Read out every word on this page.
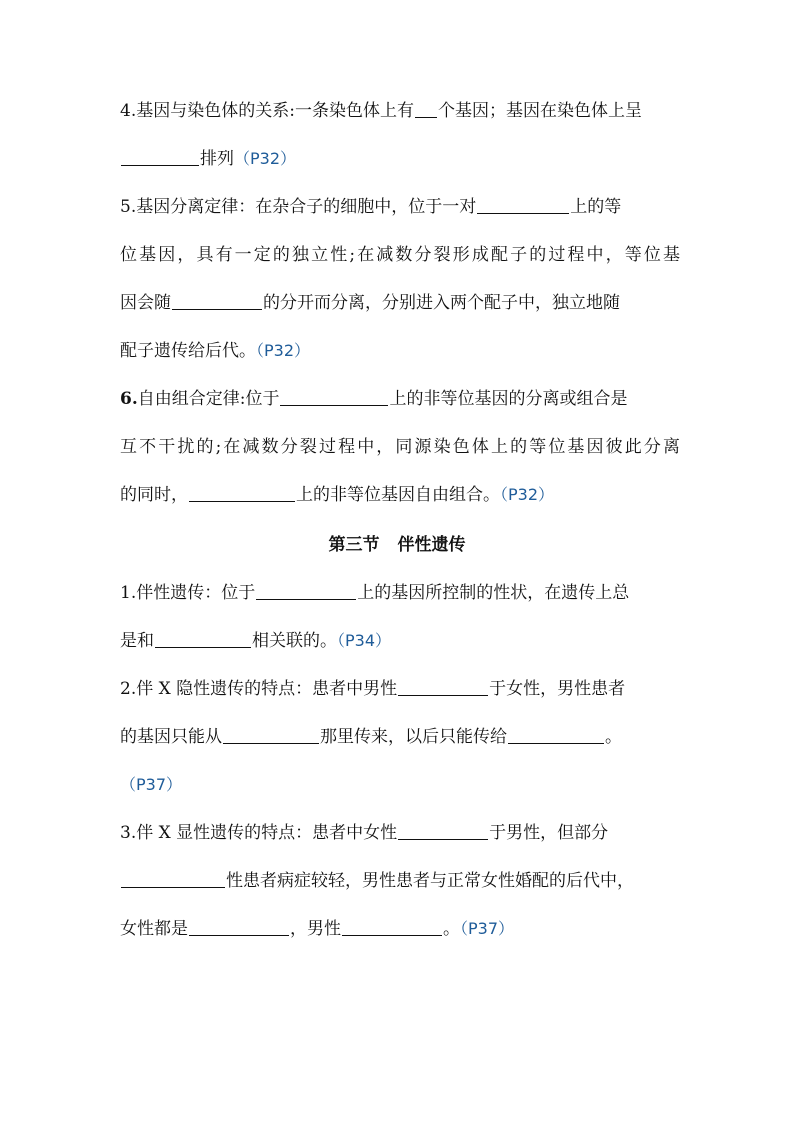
4.基因与染色体的关系:一条染色体上有 个基因；基因在染色体上呈
排列（P32）
5.基因分离定律：在杂合子的细胞中，位于一对	上的等
位基因，具有一定的独立性;在减数分裂形成配子的过程中，等位基
因会随	的分开而分离，分别进入两个配子中，独立地随
配子遗传给后代。（P32）
6.自由组合定律:位于	上的非等位基因的分离或组合是
互不干扰的;在减数分裂过程中，同源染色体上的等位基因彼此分离
的同时，	上的非等位基因自由组合。（P32）
第三节 伴性遗传
1.伴性遗传：位于	上的基因所控制的性状，在遗传上总
是和	相关联的。（P34）
2.伴 X 隐性遗传的特点：患者中男性	于女性，男性患者
的基因只能从	那里传来，以后只能传给	。
（P37）
3.伴 X 显性遗传的特点：患者中女性	于男性，但部分
性患者病症较轻，男性患者与正常女性婚配的后代中，
女性都是	，男性	。（P37）
